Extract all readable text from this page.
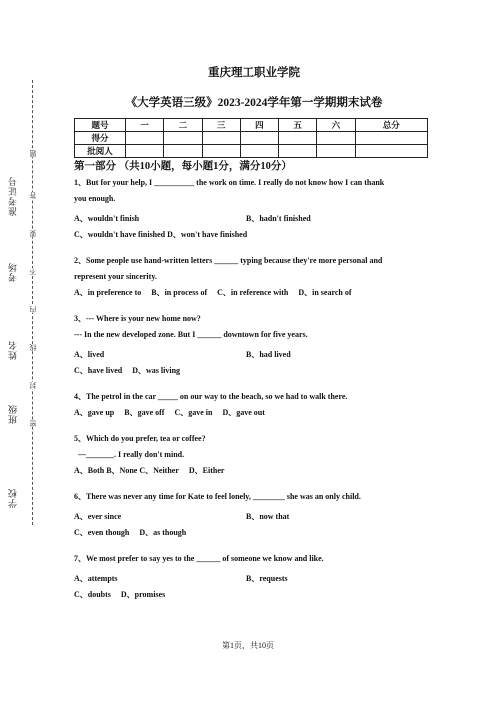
准考证号
考场
姓名
班级
学校
题
答
要
不
内
线
封
密
重庆理工职业学院
《大学英语三级》2023-2024学年第一学期期末试卷
题号	一	二	三	四	五	六	总分
得分							
批阅人							
第一部分 （共10小题，每小题1分，满分10分）
1、But for your help, I __________ the work on time. I really do not know how I can thank
you enough.
A、wouldn't finish	B、hadn't finished
C、wouldn't have finished D、won't have finished
2、Some people use hand-written letters ______ typing because they're more personal and
represent your sincerity.
A、in preference to B、in process of C、in reference with D、in search of
3、--- Where is your new home now?
--- In the new developed zone. But I ______ downtown for five years.
A、lived	B、had lived
C、have lived D、was living
4、The petrol in the car _____ on our way to the beach, so we had to walk there.
A、gave up B、gave off C、gave in D、gave out
5、Which do you prefer, tea or coffee?
—_______. I really don't mind.
A、Both B、None C、Neither D、Either
6、There was never any time for Kate to feel lonely, ________ she was an only child.
A、ever since	B、now that
C、even though D、as though
7、We most prefer to say yes to the ______ of someone we know and like.
A、attempts	B、requests
C、doubts D、promises
第1页，共10页
